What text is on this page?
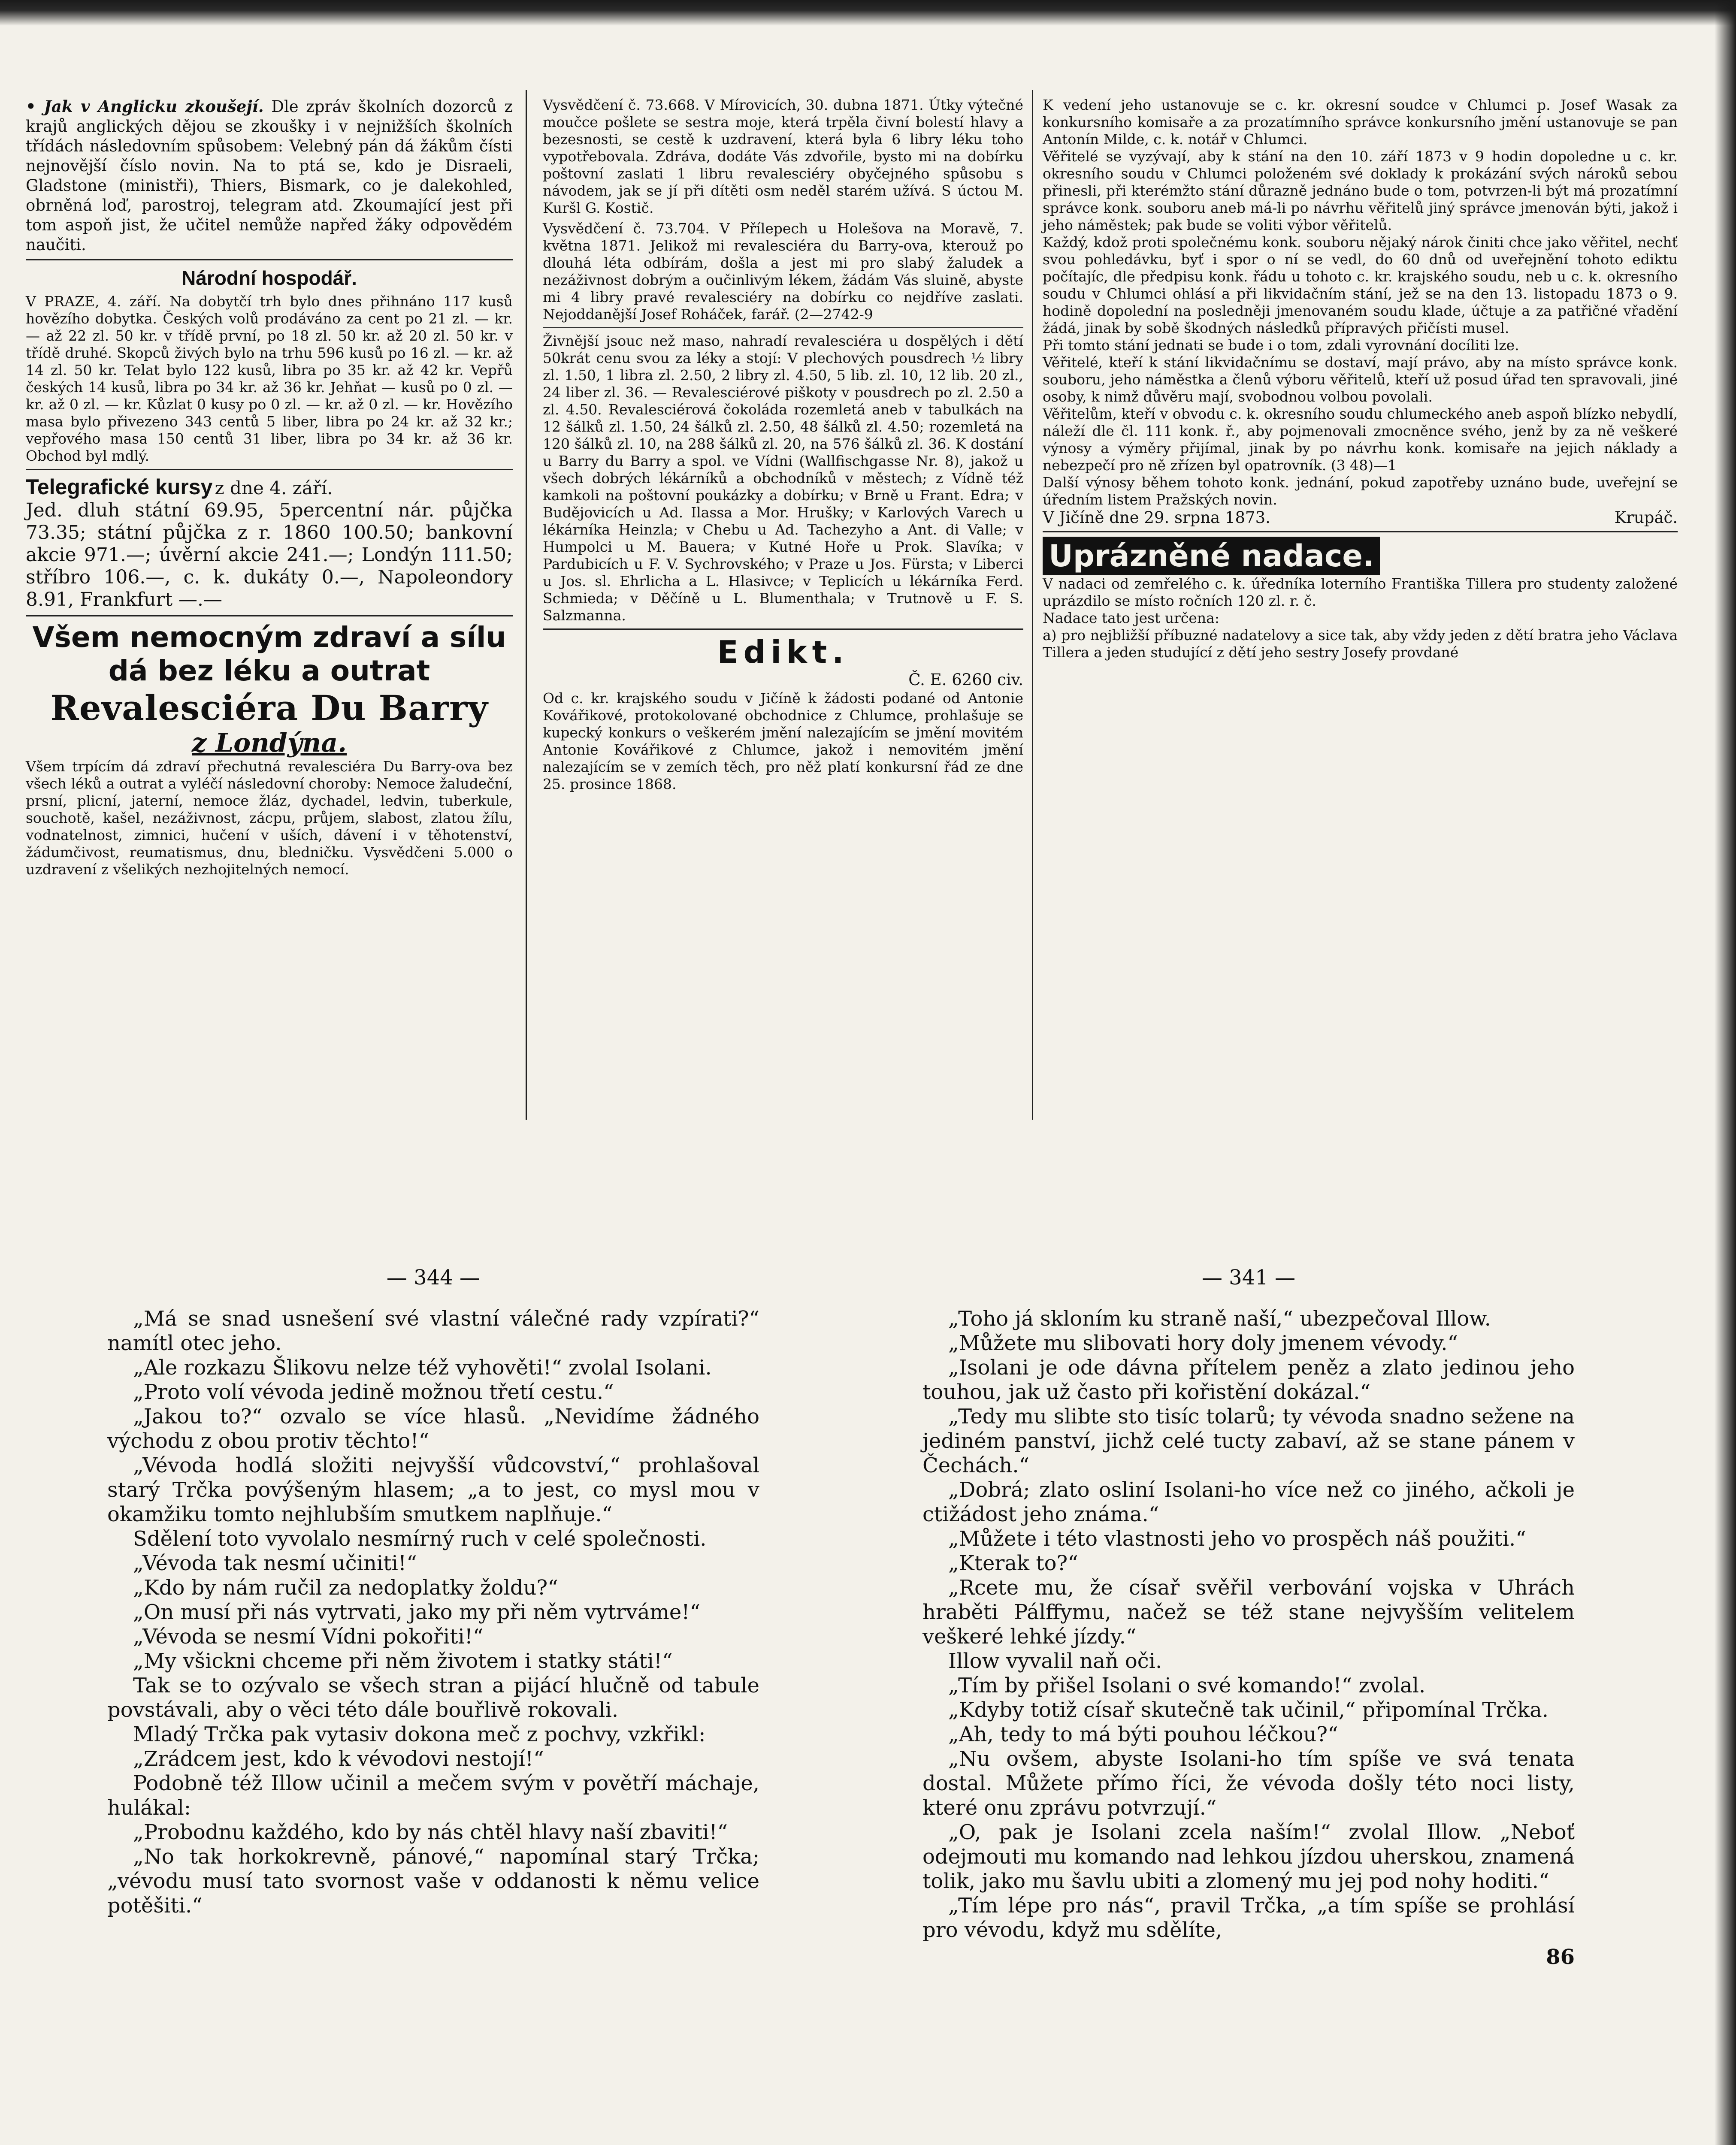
• Jak v Anglicku zkoušejí. Dle zpráv školních dozorců z krajů anglických dějou se zkoušky i v nejnižších školních třídách následovním spůsobem: Velebný pán dá žákům čísti nejnovější číslo novin. Na to ptá se, kdo je Disraeli, Gladstone (ministři), Thiers, Bismark, co je dalekohled, obrněná loď, parostroj, telegram atd. Zkoumající jest při tom aspoň jist, že učitel nemůže napřed žáky odpovědém naučiti.

Národní hospodář.

V PRAZE, 4. září. Na dobytčí trh bylo dnes přihnáno 117 kusů hovězího dobytka. Českých volů prodáváno za cent po 21 zl. — kr. — až 22 zl. 50 kr. v třídě první, po 18 zl. 50 kr. až 20 zl. 50 kr. v třídě druhé. Skopců živých bylo na trhu 596 kusů po 16 zl. — kr. až 14 zl. 50 kr. Telat bylo 122 kusů, libra po 35 kr. až 42 kr. Vepřů českých 14 kusů, libra po 34 kr. až 36 kr. Jehňat — kusů po 0 zl. — kr. až 0 zl. — kr. Kůzlat 0 kusy po 0 zl. — kr. až 0 zl. — kr. Hovězího masa bylo přivezeno 343 centů 5 liber, libra po 24 kr. až 32 kr.; vepřového masa 150 centů 31 liber, libra po 34 kr. až 36 kr. Obchod byl mdlý.

Telegrafické kursy z dne 4. září.

Jed. dluh státní 69.95, 5percentní nár. půjčka 73.35; státní půjčka z r. 1860 100.50; bankovní akcie 971.—; úvěrní akcie 241.—; Londýn 111.50; stříbro 106.—, c. k. dukáty 0.—, Napoleondory 8.91, Frankfurt —.—

Všem nemocným zdraví a sílu
dá bez léku a outrat
Revalesciéra Du Barry
z Londýna.

Všem trpícím dá zdraví přechutná revalesciéra Du Barry-ova bez všech léků a outrat a vyléčí následovní choroby: Nemoce žaludeční, prsní, plicní, jaterní, nemoce žláz, dychadel, ledvin, tuberkule, souchotě, kašel, nezáživnost, zácpu, průjem, slabost, zlatou žílu, vodnatelnost, zimnici, hučení v uších, dávení i v těhotenství, žádumčivost, reumatismus, dnu, bledničku. Vysvědčeni 5.000 o uzdravení z všelikých nezhojitelných nemocí.

Vysvědčení č. 73.668. V Mírovicích, 30. dubna 1871. Útky výtečné moučce pošlete se sestra moje, která trpěla čivní bolestí hlavy a bezesnosti, se cestě k uzdravení, která byla 6 libry léku toho vypotřebovala. Zdráva, dodáte Vás zdvořile, bysto mi na dobírku poštovní zaslati 1 libru revalesciéry obyčejného spůsobu s návodem, jak se jí při dítěti osm neděl starém užívá. S úctou M. Kuršl G. Kostič.

Vysvědčení č. 73.704. V Přílepech u Holešova na Moravě, 7. května 1871. Jelikož mi revalesciéra du Barry-ova, kterouž po dlouhá léta odbírám, došla a jest mi pro slabý žaludek a nezáživnost dobrým a oučinlivým lékem, žádám Vás sluině, abyste mi 4 libry pravé revalesciéry na dobírku co nejdříve zaslati. Nejoddanější Josef Roháček, farář. (2—2742-9

Živnější jsouc než maso, nahradí revalesciéra u dospělých i dětí 50krát cenu svou za léky a stojí: V plechových pousdrech ½ libry zl. 1.50, 1 libra zl. 2.50, 2 libry zl. 4.50, 5 lib. zl. 10, 12 lib. 20 zl., 24 liber zl. 36. — Revalesciérové piškoty v pousdrech po zl. 2.50 a zl. 4.50. Revalesciérová čokoláda rozemletá aneb v tabulkách na 12 šálků zl. 1.50, 24 šálků zl. 2.50, 48 šálků zl. 4.50; rozemletá na 120 šálků zl. 10, na 288 šálků zl. 20, na 576 šálků zl. 36. K dostání u Barry du Barry a spol. ve Vídni (Wallfischgasse Nr. 8), jakož u všech dobrých lékárníků a obchodníků v městech; z Vídně též kamkoli na poštovní poukázky a dobírku; v Brně u Frant. Edra; v Budějovicích u Ad. Ilassa a Mor. Hrušky; v Karlových Varech u lékárníka Heinzla; v Chebu u Ad. Tachezyho a Ant. di Valle; v Humpolci u M. Bauera; v Kutné Hoře u Prok. Slavíka; v Pardubicích u F. V. Sychrovského; v Praze u Jos. Fürsta; v Liberci u Jos. sl. Ehrlicha a L. Hlasivce; v Teplicích u lékárníka Ferd. Schmieda; v Děčíně u L. Blumenthala; v Trutnově u F. S. Salzmanna.

Edikt.
Č. E. 6260 civ.

Od c. kr. krajského soudu v Jičíně k žádosti podané od Antonie Kovářikové, protokolované obchodnice z Chlumce, prohlašuje se kupecký konkurs o veškerém jmění nalezajícím se jmění movitém Antonie Kovářikové z Chlumce, jakož i nemovitém jmění nalezajícím se v zemích těch, pro něž platí konkursní řád ze dne 25. prosince 1868.

K vedení jeho ustanovuje se c. kr. okresní soudce v Chlumci p. Josef Wasak za konkursního komisaře a za prozatímního správce konkursního jmění ustanovuje se pan Antonín Milde, c. k. notář v Chlumci.

Věřitelé se vyzývají, aby k stání na den 10. září 1873 v 9 hodin dopoledne u c. kr. okresního soudu v Chlumci položeném své doklady k prokázání svých nároků sebou přinesli, při kterémžto stání důrazně jednáno bude o tom, potvrzen-li být má prozatímní správce konk. souboru aneb má-li po návrhu věřitelů jiný správce jmenován býti, jakož i jeho náměstek; pak bude se voliti výbor věřitelů.

Každý, kdož proti společnému konk. souboru nějaký nárok činiti chce jako věřitel, nechť svou pohledávku, byť i spor o ní se vedl, do 60 dnů od uveřejnění tohoto ediktu počítajíc, dle předpisu konk. řádu u tohoto c. kr. krajského soudu, neb u c. k. okresního soudu v Chlumci ohlásí a při likvidačním stání, jež se na den 13. listopadu 1873 o 9. hodině dopolední na posledněji jmenovaném soudu klade, účtuje a za patřičné vřadění žádá, jinak by sobě škodných následků přípravých přičísti musel.

Při tomto stání jednati se bude i o tom, zdali vyrovnání docíliti lze.

Věřitelé, kteří k stání likvidačnímu se dostaví, mají právo, aby na místo správce konk. souboru, jeho náměstka a členů výboru věřitelů, kteří už posud úřad ten spravovali, jiné osoby, k nimž důvěru mají, svobodnou volbou povolali.

Věřitelům, kteří v obvodu c. k. okresního soudu chlumeckého aneb aspoň blízko nebydlí, náleží dle čl. 111 konk. ř., aby pojmenovali zmocněnce svého, jenž by za ně veškeré výnosy a výměry přijímal, jinak by po návrhu konk. komisaře na jejich náklady a nebezpečí pro ně zřízen byl opatrovník. (3 48)—1

Další výnosy během tohoto konk. jednání, pokud zapotřeby uznáno bude, uveřejní se úředním listem Pražských novin.

V Jičíně dne 29. srpna 1873.	Krupáč.
Uprázněné nadace.

V nadaci od zemřelého c. k. úředníka loterního Františka Tillera pro studenty založené uprázdilo se místo ročních 120 zl. r. č.

Nadace tato jest určena:

a) pro nejbližší příbuzné nadatelovy a sice tak, aby vždy jeden z dětí bratra jeho Václava Tillera a jeden studující z dětí jeho sestry Josefy provdané

— 344 —

„Má se snad usnešení své vlastní válečné rady vzpírati?“ namítl otec jeho.

„Ale rozkazu Šlikovu nelze též vyhověti!“ zvolal Isolani.

„Proto volí vévoda jedině možnou třetí cestu.“

„Jakou to?“ ozvalo se více hlasů. „Nevidíme žádného východu z obou protiv těchto!“

„Vévoda hodlá složiti nejvyšší vůdcovství,“ prohlašoval starý Trčka povýšeným hlasem; „a to jest, co mysl mou v okamžiku tomto nejhlubším smutkem naplňuje.“

Sdělení toto vyvolalo nesmírný ruch v celé společnosti.

„Vévoda tak nesmí učiniti!“

„Kdo by nám ručil za nedoplatky žoldu?“

„On musí při nás vytrvati, jako my při něm vytrváme!“

„Vévoda se nesmí Vídni pokořiti!“

„My všickni chceme při něm životem i statky státi!“

Tak se to ozývalo se všech stran a pijácí hlučně od tabule povstávali, aby o věci této dále bouřlivě rokovali.

Mladý Trčka pak vytasiv dokona meč z pochvy, vzkřikl:

„Zrádcem jest, kdo k vévodovi nestojí!“

Podobně též Illow učinil a mečem svým v povětří máchaje, hulákal:

„Probodnu každého, kdo by nás chtěl hlavy naší zbaviti!“

„No tak horkokrevně, pánové,“ napomínal starý Trčka; „vévodu musí tato svornost vaše v oddanosti k němu velice potěšiti.“

— 341 —

„Toho já skloním ku straně naší,“ ubezpečoval Illow.

„Můžete mu slibovati hory doly jmenem vévody.“

„Isolani je ode dávna přítelem peněz a zlato jedinou jeho touhou, jak už často při kořistění dokázal.“

„Tedy mu slibte sto tisíc tolarů; ty vévoda snadno sežene na jediném panství, jichž celé tucty zabaví, až se stane pánem v Čechách.“

„Dobrá; zlato osliní Isolani-ho více než co jiného, ačkoli je ctižádost jeho známa.“

„Můžete i této vlastnosti jeho vo prospěch náš použiti.“

„Kterak to?“

„Rcete mu, že císař svěřil verbování vojska v Uhrách hraběti Pálffymu, načež se též stane nejvyšším velitelem veškeré lehké jízdy.“

Illow vyvalil naň oči.

„Tím by přišel Isolani o své komando!“ zvolal.

„Kdyby totiž císař skutečně tak učinil,“ připomínal Trčka.

„Ah, tedy to má býti pouhou léčkou?“

„Nu ovšem, abyste Isolani-ho tím spíše ve svá tenata dostal. Můžete přímo říci, že vévoda došly této noci listy, které onu zprávu potvrzují.“

„O, pak je Isolani zcela naším!“ zvolal Illow. „Neboť odejmouti mu komando nad lehkou jízdou uherskou, znamená tolik, jako mu šavlu ubiti a zlomený mu jej pod nohy hoditi.“

„Tím lépe pro nás“, pravil Trčka, „a tím spíše se prohlásí pro vévodu, když mu sdělíte,

86
